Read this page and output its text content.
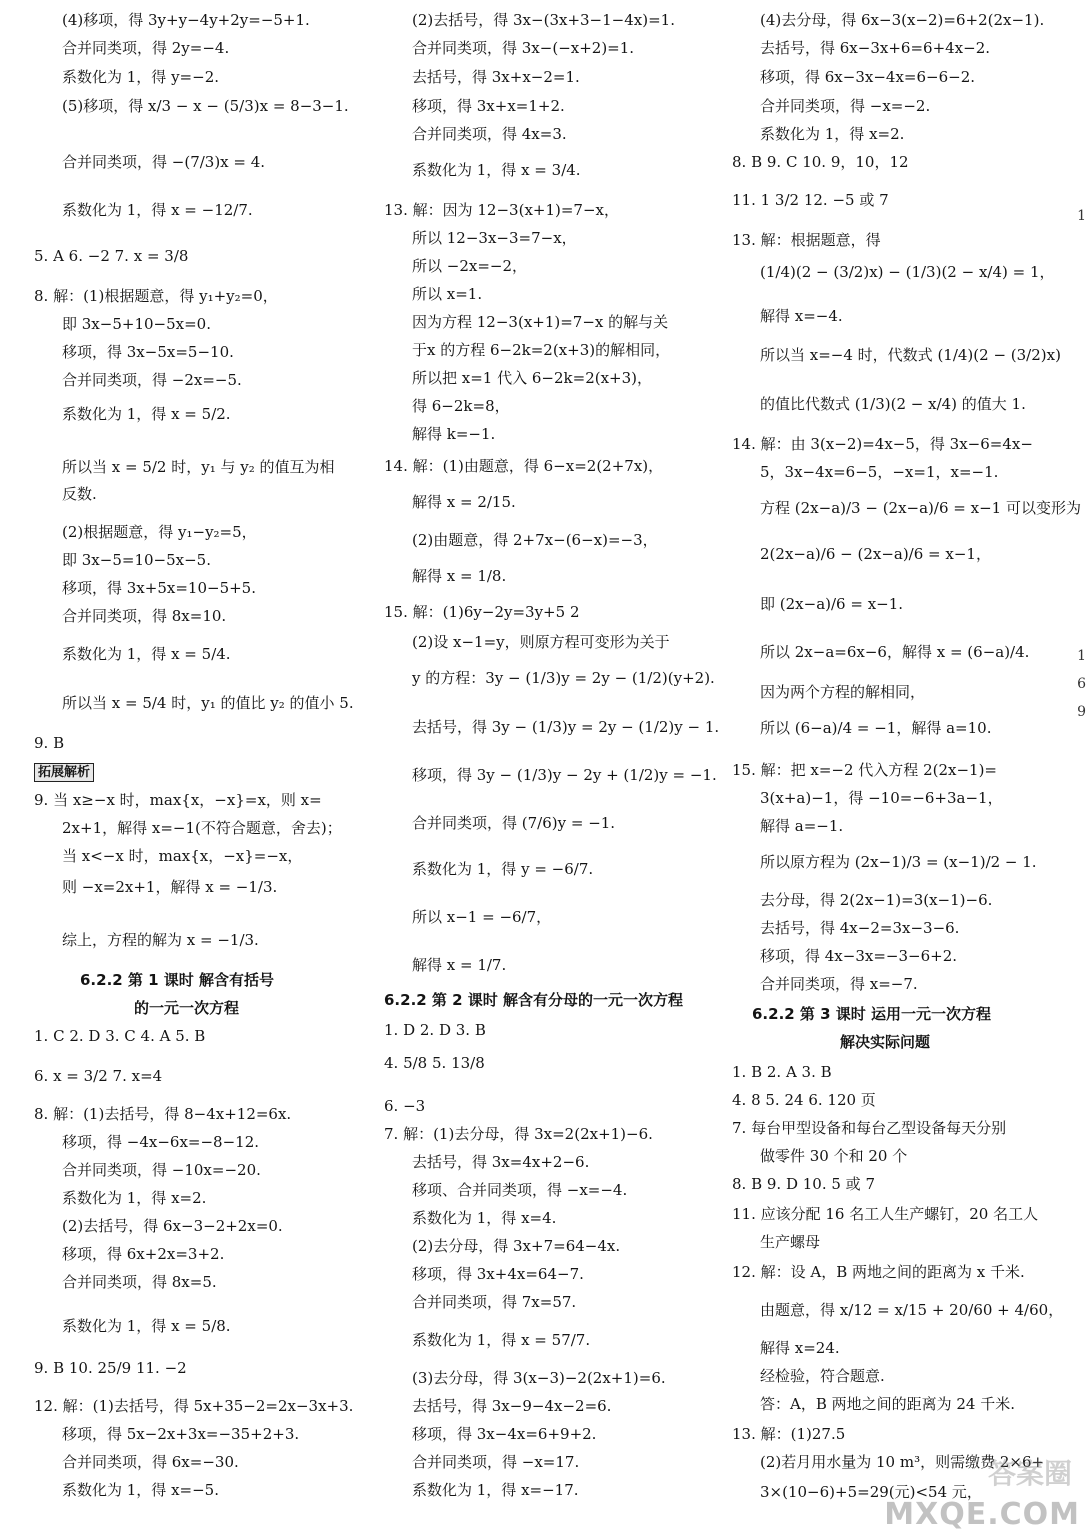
(4)移项，得 3y+y−4y+2y=−5+1.
合并同类项，得 2y=−4.
系数化为 1，得 y=−2.
(5)移项，得 x/3 − x − (5/3)x = 8−3−1.
合并同类项，得 −(7/3)x = 4.
系数化为 1，得 x = −12/7.
5. A 6. −2 7. x = 3/8
8. 解：(1)根据题意，得 y₁+y₂=0，
即 3x−5+10−5x=0.
移项，得 3x−5x=5−10.
合并同类项，得 −2x=−5.
系数化为 1，得 x = 5/2.
所以当 x = 5/2 时，y₁ 与 y₂ 的值互为相
反数.
(2)根据题意，得 y₁−y₂=5，
即 3x−5=10−5x−5.
移项，得 3x+5x=10−5+5.
合并同类项，得 8x=10.
系数化为 1，得 x = 5/4.
所以当 x = 5/4 时，y₁ 的值比 y₂ 的值小 5.
9. B
9. 当 x≥−x 时，max{x，−x}=x，则 x=
2x+1，解得 x=−1(不符合题意，舍去)；
当 x<−x 时，max{x，−x}=−x，
则 −x=2x+1，解得 x = −1/3.
综上，方程的解为 x = −1/3.
6.2.2 第 1 课时 解含有括号
的一元一次方程
1. C 2. D 3. C 4. A 5. B
6. x = 3/2 7. x=4
8. 解：(1)去括号，得 8−4x+12=6x.
移项，得 −4x−6x=−8−12.
合并同类项，得 −10x=−20.
系数化为 1，得 x=2.
(2)去括号，得 6x−3−2+2x=0.
移项，得 6x+2x=3+2.
合并同类项，得 8x=5.
系数化为 1，得 x = 5/8.
9. B 10. 25/9 11. −2
12. 解：(1)去括号，得 5x+35−2=2x−3x+3.
移项，得 5x−2x+3x=−35+2+3.
合并同类项，得 6x=−30.
系数化为 1，得 x=−5.
(2)去括号，得 3x−(3x+3−1−4x)=1.
合并同类项，得 3x−(−x+2)=1.
去括号，得 3x+x−2=1.
移项，得 3x+x=1+2.
合并同类项，得 4x=3.
系数化为 1，得 x = 3/4.
13. 解：因为 12−3(x+1)=7−x，
所以 12−3x−3=7−x，
所以 −2x=−2，
所以 x=1.
因为方程 12−3(x+1)=7−x 的解与关
于x 的方程 6−2k=2(x+3)的解相同，
所以把 x=1 代入 6−2k=2(x+3)，
得 6−2k=8，
解得 k=−1.
14. 解：(1)由题意，得 6−x=2(2+7x)，
解得 x = 2/15.
(2)由题意，得 2+7x−(6−x)=−3，
解得 x = 1/8.
15. 解：(1)6y−2y=3y+5 2
(2)设 x−1=y，则原方程可变形为关于
y 的方程：3y − (1/3)y = 2y − (1/2)(y+2).
去括号，得 3y − (1/3)y = 2y − (1/2)y − 1.
移项，得 3y − (1/3)y − 2y + (1/2)y = −1.
合并同类项，得 (7/6)y = −1.
系数化为 1，得 y = −6/7.
所以 x−1 = −6/7，
解得 x = 1/7.
6.2.2 第 2 课时 解含有分母的一元一次方程
1. D 2. D 3. B
4. 5/8 5. 13/8
6. −3
7. 解：(1)去分母，得 3x=2(2x+1)−6.
去括号，得 3x=4x+2−6.
移项、合并同类项，得 −x=−4.
系数化为 1，得 x=4.
(2)去分母，得 3x+7=64−4x.
移项，得 3x+4x=64−7.
合并同类项，得 7x=57.
系数化为 1，得 x = 57/7.
(3)去分母，得 3(x−3)−2(2x+1)=6.
去括号，得 3x−9−4x−2=6.
移项，得 3x−4x=6+9+2.
合并同类项，得 −x=17.
系数化为 1，得 x=−17.
(4)去分母，得 6x−3(x−2)=6+2(2x−1).
去括号，得 6x−3x+6=6+4x−2.
移项，得 6x−3x−4x=6−6−2.
合并同类项，得 −x=−2.
系数化为 1，得 x=2.
8. B 9. C 10. 9，10，12
11. 1 3/2 12. −5 或 7
13. 解：根据题意，得
(1/4)(2 − (3/2)x) − (1/3)(2 − x/4) = 1，
解得 x=−4.
所以当 x=−4 时，代数式 (1/4)(2 − (3/2)x)
的值比代数式 (1/3)(2 − x/4) 的值大 1.
14. 解：由 3(x−2)=4x−5，得 3x−6=4x−
5，3x−4x=6−5，−x=1，x=−1.
方程 (2x−a)/3 − (2x−a)/6 = x−1 可以变形为
2(2x−a)/6 − (2x−a)/6 = x−1，
即 (2x−a)/6 = x−1.
所以 2x−a=6x−6，解得 x = (6−a)/4.
因为两个方程的解相同，
所以 (6−a)/4 = −1，解得 a=10.
15. 解：把 x=−2 代入方程 2(2x−1)=
3(x+a)−1，得 −10=−6+3a−1，
解得 a=−1.
所以原方程为 (2x−1)/3 = (x−1)/2 − 1.
去分母，得 2(2x−1)=3(x−1)−6.
去括号，得 4x−2=3x−3−6.
移项，得 4x−3x=−3−6+2.
合并同类项，得 x=−7.
6.2.2 第 3 课时 运用一元一次方程
解决实际问题
1. B 2. A 3. B
4. 8 5. 24 6. 120 页
7. 每台甲型设备和每台乙型设备每天分别
做零件 30 个和 20 个
8. B 9. D 10. 5 或 7
11. 应该分配 16 名工人生产螺钉，20 名工人
生产螺母
12. 解：设 A，B 两地之间的距离为 x 千米.
由题意，得 x/12 = x/15 + 20/60 + 4/60，
解得 x=24.
经检验，符合题意.
答：A，B 两地之间的距离为 24 千米.
13. 解：(1)27.5
(2)若月用水量为 10 m³，则需缴费 2×6+
3×(10−6)+5=29(元)<54 元，
拓展解析
1
1
6
9
答案圈
MXQE.COM
